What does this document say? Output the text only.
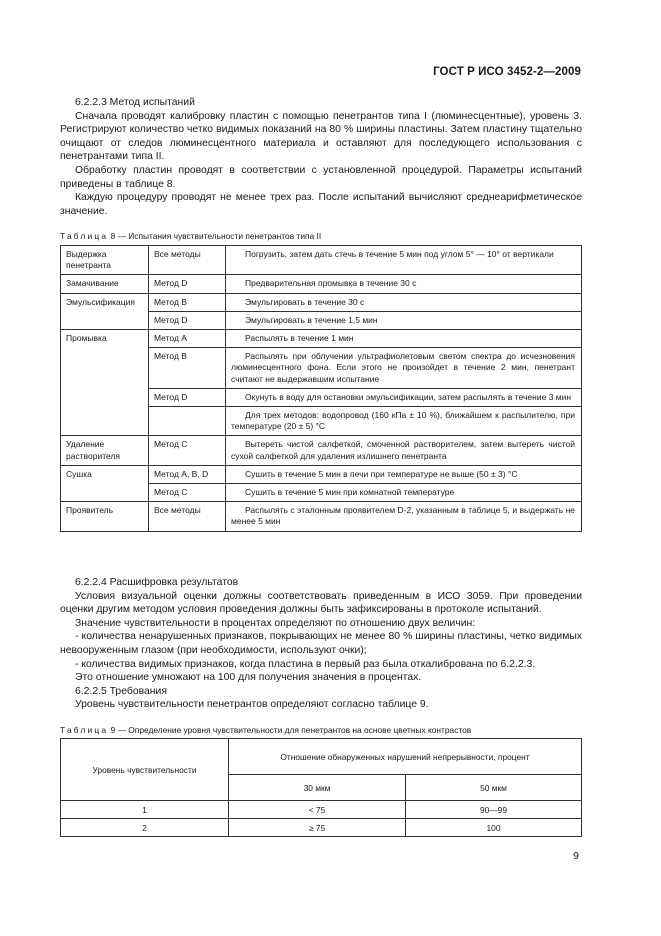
ГОСТ Р ИСО 3452-2—2009

6.2.2.3 Метод испытаний

Сначала проводят калибровку пластин с помощью пенетрантов типа I (люминесцентные), уровень 3. Регистрируют количество четко видимых показаний на 80 % ширины пластины. Затем пластину тщательно очищают от следов люминесцентного материала и оставляют для последующего использования с пенетрантами типа II.

Обработку пластин проводят в соответствии с установленной процедурой. Параметры испытаний приведены в таблице 8.

Каждую процедуру проводят не менее трех раз. После испытаний вычисляют среднеарифметическое значение.

Таблица 8 — Испытания чувствительности пенетрантов типа II
Выдержка пенетранта	Все методы	Погрузить, затем дать стечь в течение 5 мин под углом 5° — 10° от вертикали
Замачивание	Метод D	Предварительная промывка в течение 30 с
Эмульсификация	Метод B	Эмульгировать в течение 30 с
	Метод D	Эмульгировать в течение 1,5 мин
Промывка	Метод A	Распылять в течение 1 мин
	Метод B	Распылять при облучении ультрафиолетовым светом спектра до исчезновения люминесцентного фона. Если этого не произойдет в течение 2 мин, пенетрант считают не выдержавшим испытание
	Метод D	Окунуть в воду для остановки эмульсификации, затем распылять в течение 3 мин
		Для трех методов: водопровод (160 кПа ± 10 %), ближайшем к распылителю, при температуре (20 ± 5) °C
Удаление растворителя	Метод C	Вытереть чистой салфеткой, смоченной растворителем, затем вытереть чистой сухой салфеткой для удаления излишнего пенетранта
Сушка	Метод A, B, D	Сушить в течение 5 мин в печи при температуре не выше (50 ± 3) °C
	Метод C	Сушить в течение 5 мин при комнатной температуре
Проявитель	Все методы	Распылять с эталонным проявителем D-2, указанным в таблице 5, и выдержать не менее 5 мин

6.2.2.4 Расшифровка результатов

Условия визуальной оценки должны соответствовать приведенным в ИСО 3059. При проведении оценки другим методом условия проведения должны быть зафиксированы в протоколе испытаний.

Значение чувствительности в процентах определяют по отношению двух величин:

- количества ненарушенных признаков, покрывающих не менее 80 % ширины пластины, четко видимых невооруженным глазом (при необходимости, используют очки);

- количества видимых признаков, когда пластина в первый раз была откалибрована по 6.2.2.3.

Это отношение умножают на 100 для получения значения в процентах.

6.2.2.5 Требования

Уровень чувствительности пенетрантов определяют согласно таблице 9.

Таблица 9 — Определение уровня чувствительности для пенетрантов на основе цветных контрастов
Уровень чувствительности	Отношение обнаруженных нарушений непрерывности, процент	
	30 мкм	50 мкм
1	< 75	90—99
2	≥ 75	100
9
